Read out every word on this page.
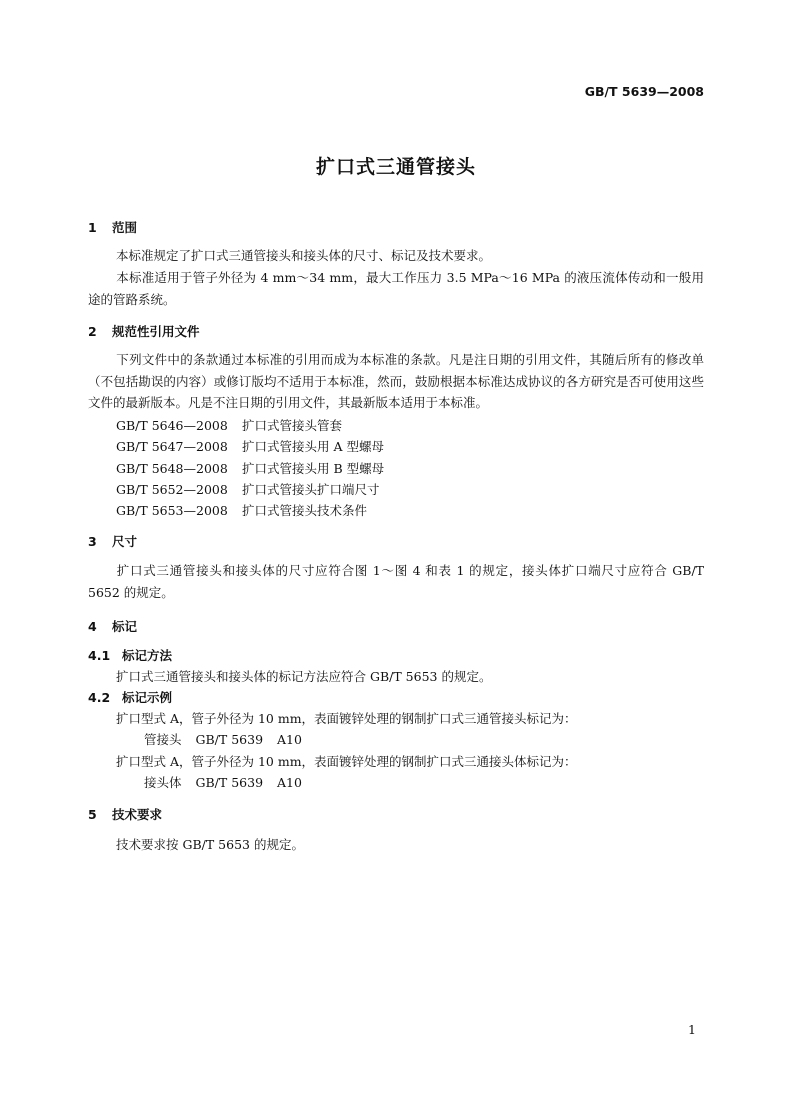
GB/T 5639—2008
扩口式三通管接头
1 范围
本标准规定了扩口式三通管接头和接头体的尺寸、标记及技术要求。
本标准适用于管子外径为 4 mm～34 mm，最大工作压力 3.5 MPa～16 MPa 的液压流体传动和一般用途的管路系统。
2 规范性引用文件
下列文件中的条款通过本标准的引用而成为本标准的条款。凡是注日期的引用文件，其随后所有的修改单（不包括勘误的内容）或修订版均不适用于本标准，然而，鼓励根据本标准达成协议的各方研究是否可使用这些文件的最新版本。凡是不注日期的引用文件，其最新版本适用于本标准。
GB/T 5646—2008 扩口式管接头管套
GB/T 5647—2008 扩口式管接头用 A 型螺母
GB/T 5648—2008 扩口式管接头用 B 型螺母
GB/T 5652—2008 扩口式管接头扩口端尺寸
GB/T 5653—2008 扩口式管接头技术条件
3 尺寸
扩口式三通管接头和接头体的尺寸应符合图 1～图 4 和表 1 的规定，接头体扩口端尺寸应符合 GB/T 5652 的规定。
4 标记
4.1 标记方法
扩口式三通管接头和接头体的标记方法应符合 GB/T 5653 的规定。
4.2 标记示例
扩口型式 A，管子外径为 10 mm，表面镀锌处理的钢制扩口式三通管接头标记为：
管接头 GB/T 5639 A10
扩口型式 A，管子外径为 10 mm，表面镀锌处理的钢制扩口式三通接头体标记为：
接头体 GB/T 5639 A10
5 技术要求
技术要求按 GB/T 5653 的规定。
1
